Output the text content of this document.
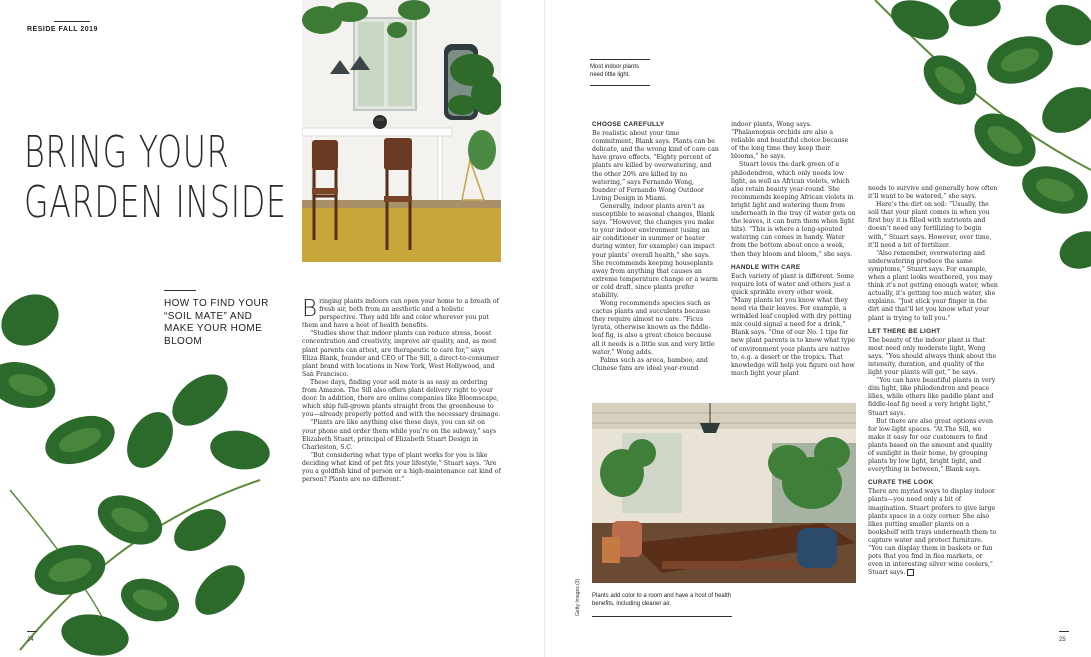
RESIDE FALL 2019
BRING YOUR
GARDEN INSIDE
HOW TO FIND YOUR “SOIL MATE” AND MAKE YOUR HOME BLOOM

Bringing plants indoors can open your home to a breath of fresh air, both from an aesthetic and a holistic perspective. They add life and color wherever you put them and have a host of health benefits.

“Studies show that indoor plants can reduce stress, boost concentration and creativity, improve air quality, and, as most plant parents can attest, are therapeutic to care for,” says Eliza Blank, founder and CEO of The Sill, a direct-to-consumer plant brand with locations in New York, West Hollywood, and San Francisco.

These days, finding your soil mate is as easy as ordering from Amazon. The Sill also offers plant delivery right to your door. In addition, there are online companies like Bloomscape, which ship full-grown plants straight from the greenhouse to you—already properly potted and with the necessary drainage.

“Plants are like anything else these days, you can sit on your phone and order them while you’re on the subway,” says Elizabeth Stuart, principal of Elizabeth Stuart Design in Charleston, S.C.

“But considering what type of plant works for you is like deciding what kind of pet fits your lifestyle,” Stuart says. “Are you a goldfish kind of person or a high-maintenance cat kind of person? Plants are no different.”

24
Most indoor plants need little light.
CHOOSE CAREFULLY

Be realistic about your time commitment, Blank says. Plants can be delicate, and the wrong kind of care can have grave effects. “Eighty percent of plants are killed by overwatering, and the other 20% are killed by no watering,” says Fernando Wong, founder of Fernando Wong Outdoor Living Design in Miami.

Generally, indoor plants aren’t as susceptible to seasonal changes, Blank says. “However, the changes you make to your indoor environment (using an air conditioner in summer or heater during winter, for example) can impact your plants’ overall health,” she says. She recommends keeping houseplants away from anything that causes an extreme temperature change or a warm or cold draft, since plants prefer stability.

Wong recommends species such as cactus plants and succulents because they require almost no care. “Ficus lyrata, otherwise known as the fiddle-leaf fig, is also a great choice because all it needs is a little sun and very little water,” Wong adds.

Palms such as areca, bamboo, and Chinese fans are ideal year-round

indoor plants, Wong says. “Phalaenopsis orchids are also a reliable and beautiful choice because of the long time they keep their blooms,” he says.

Stuart loves the dark green of a philodendron, which only needs low light, as well as African violets, which also retain beauty year-round. She recommends keeping African violets in bright light and watering them from underneath in the tray (if water gets on the leaves, it can burn them when light hits). “This is where a long-spouted watering can comes in handy. Water from the bottom about once a week, then they bloom and bloom,” she says.

HANDLE WITH CARE

Each variety of plant is different. Some require lots of water and others just a quick sprinkle every other week. “Many plants let you know what they need via their leaves. For example, a wrinkled leaf coupled with dry potting mix could signal a need for a drink,” Blank says. “One of our No. 1 tips for new plant parents is to know what type of environment your plants are native to, e.g. a desert or the tropics. That knowledge will help you figure out how much light your plant

needs to survive and generally how often it’ll want to be watered,” she says.

Here’s the dirt on soil: “Usually, the soil that your plant comes in when you first buy it is filled with nutrients and doesn’t need any fertilizing to begin with,” Stuart says. However, over time, it’ll need a bit of fertilizer.

“Also remember, overwatering and underwatering produce the same symptoms,” Stuart says. For example, when a plant looks weathered, you may think it’s not getting enough water, when actually, it’s getting too much water, she explains. “Just stick your finger in the dirt and that’ll let you know what your plant is trying to tell you.”

LET THERE BE LIGHT

The beauty of the indoor plant is that most need only moderate light, Wong says. “You should always think about the intensity, duration, and quality of the light your plants will get,” he says.

“You can have beautiful plants in very dim light, like philodendron and peace lilies, while others like paddle plant and fiddle-leaf fig need a very bright light,” Stuart says.

But there are also great options even for low-light spaces. “At The Sill, we make it easy for our customers to find plants based on the amount and quality of sunlight in their home, by grouping plants by low light, bright light, and everything in between,” Blank says.

CURATE THE LOOK

There are myriad ways to display indoor plants—you need only a bit of imagination. Stuart prefers to give large plants space in a cozy corner. She also likes putting smaller plants on a bookshelf with trays underneath them to capture water and protect furniture. “You can display them in baskets or fun pots that you find in flea markets, or even in interesting silver wine coolers,” Stuart says.

Getty Images (3) Plants add color to a room and have a host of health benefits, including cleaner air.
25
